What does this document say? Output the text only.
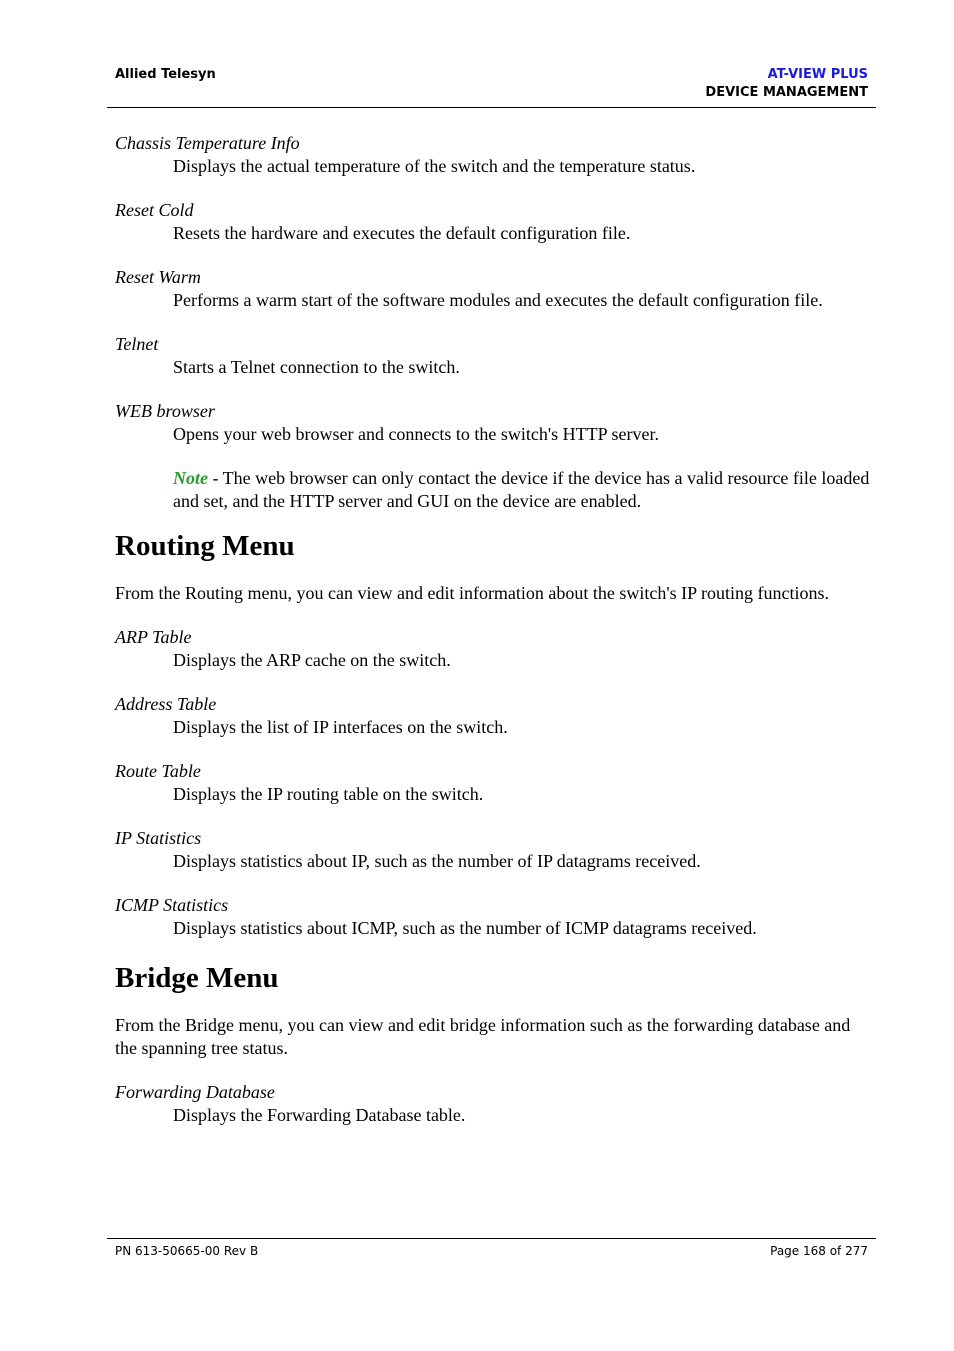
Allied Telesyn	AT-VIEW PLUS
DEVICE MANAGEMENT

Chassis Temperature Info

Displays the actual temperature of the switch and the temperature status.

Reset Cold

Resets the hardware and executes the default configuration file.

Reset Warm

Performs a warm start of the software modules and executes the default configuration file.

Telnet

Starts a Telnet connection to the switch.

WEB browser

Opens your web browser and connects to the switch's HTTP server.

Note - The web browser can only contact the device if the device has a valid resource file loaded and set, and the HTTP server and GUI on the device are enabled.

Routing Menu

From the Routing menu, you can view and edit information about the switch's IP routing functions.

ARP Table

Displays the ARP cache on the switch.

Address Table

Displays the list of IP interfaces on the switch.

Route Table

Displays the IP routing table on the switch.

IP Statistics

Displays statistics about IP, such as the number of IP datagrams received.

ICMP Statistics

Displays statistics about ICMP, such as the number of ICMP datagrams received.

Bridge Menu

From the Bridge menu, you can view and edit bridge information such as the forwarding database and the spanning tree status.

Forwarding Database

Displays the Forwarding Database table.

PN 613-50665-00 Rev B	Page 168 of 277
